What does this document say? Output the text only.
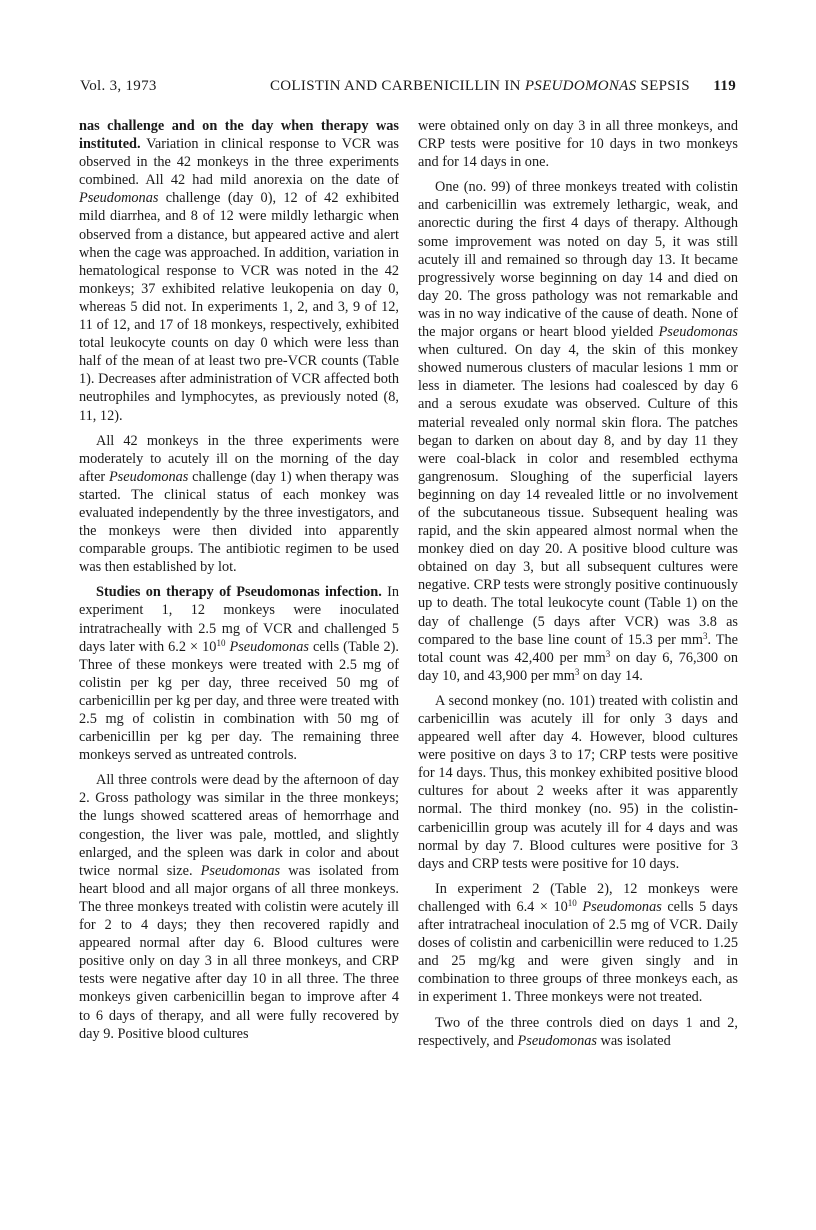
Vol. 3, 1973	COLISTIN AND CARBENICILLIN IN PSEUDOMONAS SEPSIS 119

nas challenge and on the day when therapy was instituted. Variation in clinical response to VCR was observed in the 42 monkeys in the three experiments combined. All 42 had mild anorexia on the date of Pseudomonas challenge (day 0), 12 of 42 exhibited mild diarrhea, and 8 of 12 were mildly lethargic when observed from a distance, but appeared active and alert when the cage was approached. In addition, variation in hematological response to VCR was noted in the 42 monkeys; 37 exhibited relative leukopenia on day 0, whereas 5 did not. In experiments 1, 2, and 3, 9 of 12, 11 of 12, and 17 of 18 monkeys, respectively, exhibited total leukocyte counts on day 0 which were less than half of the mean of at least two pre-VCR counts (Table 1). Decreases after administration of VCR affected both neutrophiles and lymphocytes, as previously noted (8, 11, 12).

All 42 monkeys in the three experiments were moderately to acutely ill on the morning of the day after Pseudomonas challenge (day 1) when therapy was started. The clinical status of each monkey was evaluated independently by the three investigators, and the monkeys were then divided into apparently comparable groups. The antibiotic regimen to be used was then established by lot.

Studies on therapy of Pseudomonas infection. In experiment 1, 12 monkeys were inoculated intratracheally with 2.5 mg of VCR and challenged 5 days later with $6.2 \times 10^{10}$ Pseudomonas cells (Table 2). Three of these monkeys were treated with 2.5 mg of colistin per kg per day, three received 50 mg of carbenicillin per kg per day, and three were treated with 2.5 mg of colistin in combination with 50 mg of carbenicillin per kg per day. The remaining three monkeys served as untreated controls.

All three controls were dead by the afternoon of day 2. Gross pathology was similar in the three monkeys; the lungs showed scattered areas of hemorrhage and congestion, the liver was pale, mottled, and slightly enlarged, and the spleen was dark in color and about twice normal size. Pseudomonas was isolated from heart blood and all major organs of all three monkeys. The three monkeys treated with colistin were acutely ill for 2 to 4 days; they then recovered rapidly and appeared normal after day 6. Blood cultures were positive only on day 3 in all three monkeys, and CRP tests were negative after day 10 in all three. The three monkeys given carbenicillin began to improve after 4 to 6 days of therapy, and all were fully recovered by day 9. Positive blood cultures

were obtained only on day 3 in all three monkeys, and CRP tests were positive for 10 days in two monkeys and for 14 days in one.

One (no. 99) of three monkeys treated with colistin and carbenicillin was extremely lethargic, weak, and anorectic during the first 4 days of therapy. Although some improvement was noted on day 5, it was still acutely ill and remained so through day 13. It became progressively worse beginning on day 14 and died on day 20. The gross pathology was not remarkable and was in no way indicative of the cause of death. None of the major organs or heart blood yielded Pseudomonas when cultured. On day 4, the skin of this monkey showed numerous clusters of macular lesions 1 mm or less in diameter. The lesions had coalesced by day 6 and a serous exudate was observed. Culture of this material revealed only normal skin flora. The patches began to darken on about day 8, and by day 11 they were coal-black in color and resembled ecthyma gangrenosum. Sloughing of the superficial layers beginning on day 14 revealed little or no involvement of the subcutaneous tissue. Subsequent healing was rapid, and the skin appeared almost normal when the monkey died on day 20. A positive blood culture was obtained on day 3, but all subsequent cultures were negative. CRP tests were strongly positive continuously up to death. The total leukocyte count (Table 1) on the day of challenge (5 days after VCR) was 3.8 as compared to the base line count of 15.3 per $mm^3$. The total count was 42,400 per $mm^3$ on day 6, 76,300 on day 10, and 43,900 per $mm^3$ on day 14.

A second monkey (no. 101) treated with colistin and carbenicillin was acutely ill for only 3 days and appeared well after day 4. However, blood cultures were positive on days 3 to 17; CRP tests were positive for 14 days. Thus, this monkey exhibited positive blood cultures for about 2 weeks after it was apparently normal. The third monkey (no. 95) in the colistin-carbenicillin group was acutely ill for 4 days and was normal by day 7. Blood cultures were positive for 3 days and CRP tests were positive for 10 days.

In experiment 2 (Table 2), 12 monkeys were challenged with $6.4 \times 10^{10}$ Pseudomonas cells 5 days after intratracheal inoculation of 2.5 mg of VCR. Daily doses of colistin and carbenicillin were reduced to 1.25 and 25 mg/kg and were given singly and in combination to three groups of three monkeys each, as in experiment 1. Three monkeys were not treated.

Two of the three controls died on days 1 and 2, respectively, and Pseudomonas was isolated
